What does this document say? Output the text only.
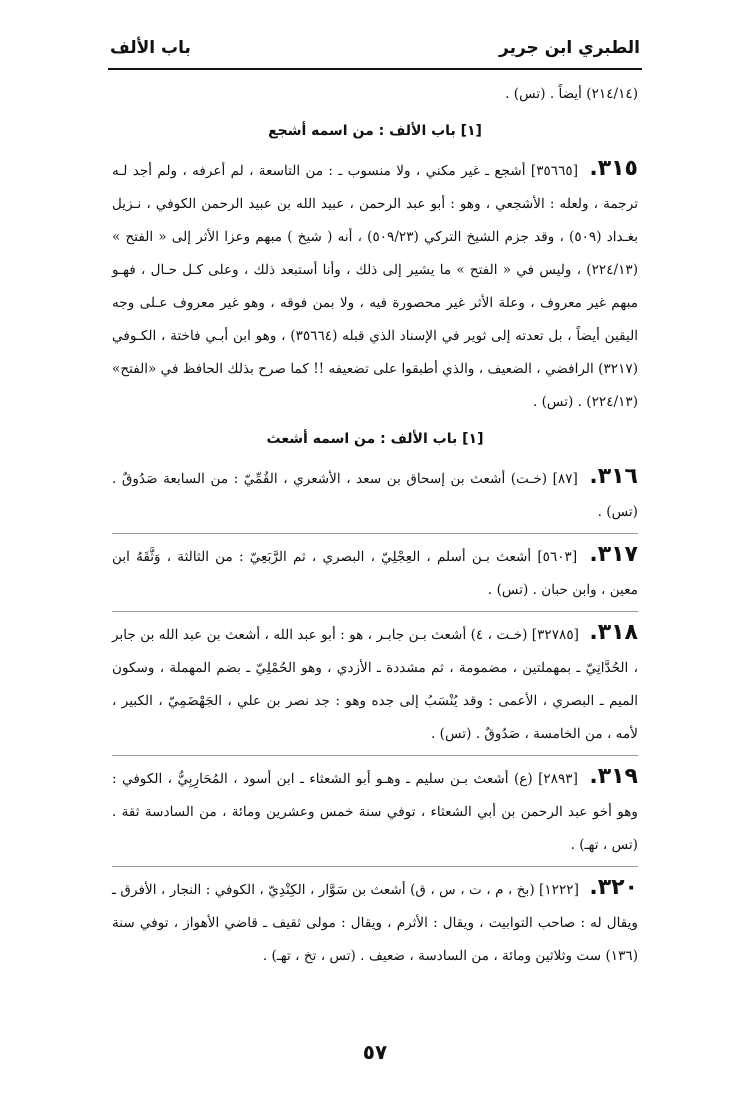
باب الألف	الطبري ابن جرير

(٢١٤/١٤) أيضاً . (تس) .

[١] باب الألف : من اسمه أشجع

٣١٥. [٣٥٦٦٥] أشجع ـ غير مكني ، ولا منسوب ـ : من التاسعة ، لم أعرفه ، ولم أجد لـه ترجمة ، ولعله : الأشجعي ، وهو : أبو عبد الرحمن ، عبيد الله بن عبيد الرحمن الكوفي ، نـزيل بغـداد (٥٠٩) ، وقد جزم الشيخ التركي (٥٠٩/٢٣) ، أنه ( شيخ ) مبهم وعزا الأثر إلى « الفتح » (٢٢٤/١٣) ، وليس في « الفتح » ما يشير إلى ذلك ، وأنا أستبعد ذلك ، وعلى كـل حـال ، فهـو مبهم غير معروف ، وعلة الأثر غير محصورة فيه ، ولا بمن فوقه ، وهو غير معروف عـلى وجه اليقين أيضاً ، بل تعدته إلى ثوير في الإسناد الذي قبله (٣٥٦٦٤) ، وهو ابن أبـي فاختة ، الكـوفي (٣٢١٧) الرافضي ، الضعيف ، والذي أطبقوا على تضعيفه !! كما صرح بذلك الحافظ في «الفتح» (٢٢٤/١٣) . (تس) .

[١] باب الألف : من اسمه أشعث

٣١٦. [٨٧] (خـت) أشعث بن إسحاق بن سعد ، الأشعري ، القُمِّيّ : من السابعة صَدُوقٌ . (تس) .

٣١٧. [٥٦٠٣] أشعث بـن أسلم ، العِجْلِيّ ، البصري ، ثم الرَّبَعِيّ : من الثالثة ، وَثَّقَهُ ابن معين ، وابن حبان . (تس) .

٣١٨. [٣٢٧٨٥] (خـت ، ٤) أشعث بـن جابـر ، هو : أبو عبد الله ، أشعث بن عبد الله بن جابر ، الحُدَّانِيّ ـ بمهملتين ، مضمومة ، ثم مشددة ـ الأزدي ، وهو الحُمْلِيّ ـ بضم المهملة ، وسكون الميم ـ البصري ، الأعمى : وقد يُنْسَبُ إلى جده وهو : جد نصر بن علي ، الجَهْضَمِيّ ، الكبير ، لأمه ، من الخامسة ، صَدُوقٌ . (تس) .

٣١٩. [٢٨٩٣] (ع) أشعث بـن سليم ـ وهـو أبو الشعثاء ـ ابن أسود ، المُحَارِبِيُّ ، الكوفي : وهو أخو عبد الرحمن بن أبي الشعثاء ، توفي سنة خمس وعشرين ومائة ، من السادسة ثقة . (تس ، تهـ) .

٣٢٠. [١٢٢٢] (بخ ، م ، ت ، س ، ق) أشعث بن سَوَّار ، الكِنْدِيّ ، الكوفي : النجار ، الأفرق ـ ويقال له : صاحب التوابيت ، ويقال : الأثرم ، ويقال : مولى ثقيف ـ قاضي الأهواز ، توفي سنة (١٣٦) ست وثلاثين ومائة ، من السادسة ، ضعيف . (تس ، تخ ، تهـ) .

٥٧
